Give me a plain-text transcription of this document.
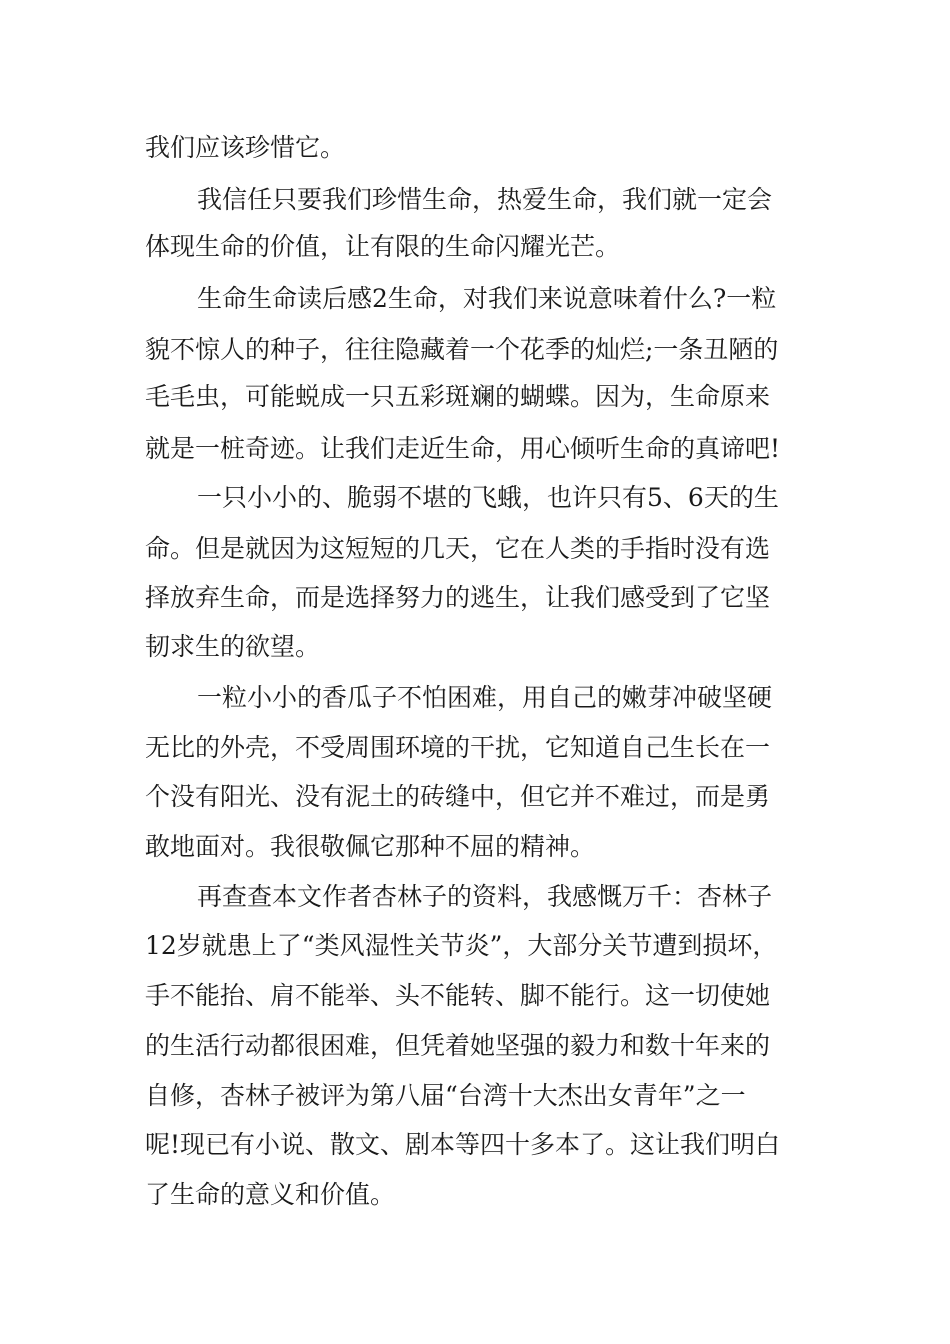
我们应该珍惜它。
我信任只要我们珍惜生命，热爱生命，我们就一定会
体现生命的价值，让有限的生命闪耀光芒。
生命生命读后感2生命，对我们来说意味着什么?一粒
貌不惊人的种子，往往隐藏着一个花季的灿烂;一条丑陋的
毛毛虫，可能蜕成一只五彩斑斓的蝴蝶。因为，生命原来
就是一桩奇迹。让我们走近生命，用心倾听生命的真谛吧!
一只小小的、脆弱不堪的飞蛾，也许只有5、6天的生
命。但是就因为这短短的几天，它在人类的手指时没有选
择放弃生命，而是选择努力的逃生，让我们感受到了它坚
韧求生的欲望。
一粒小小的香瓜子不怕困难，用自己的嫩芽冲破坚硬
无比的外壳，不受周围环境的干扰，它知道自己生长在一
个没有阳光、没有泥土的砖缝中，但它并不难过，而是勇
敢地面对。我很敬佩它那种不屈的精神。
再查查本文作者杏林子的资料，我感慨万千：杏林子
12岁就患上了“类风湿性关节炎”，大部分关节遭到损坏，
手不能抬、肩不能举、头不能转、脚不能行。这一切使她
的生活行动都很困难，但凭着她坚强的毅力和数十年来的
自修，杏林子被评为第八届“台湾十大杰出女青年”之一
呢!现已有小说、散文、剧本等四十多本了。这让我们明白
了生命的意义和价值。
